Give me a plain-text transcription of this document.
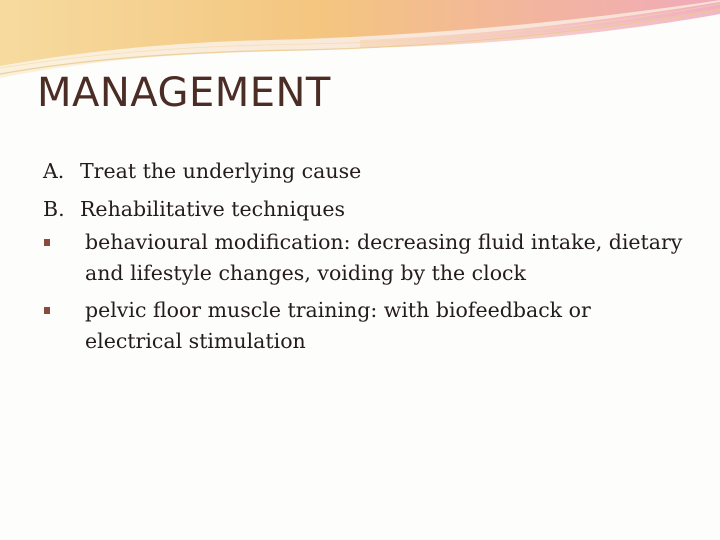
MANAGEMENT
A. Treat the underlying cause
B. Rehabilitative techniques
behavioural modification: decreasing fluid intake, dietary and lifestyle changes, voiding by the clock
pelvic floor muscle training: with biofeedback or electrical stimulation
